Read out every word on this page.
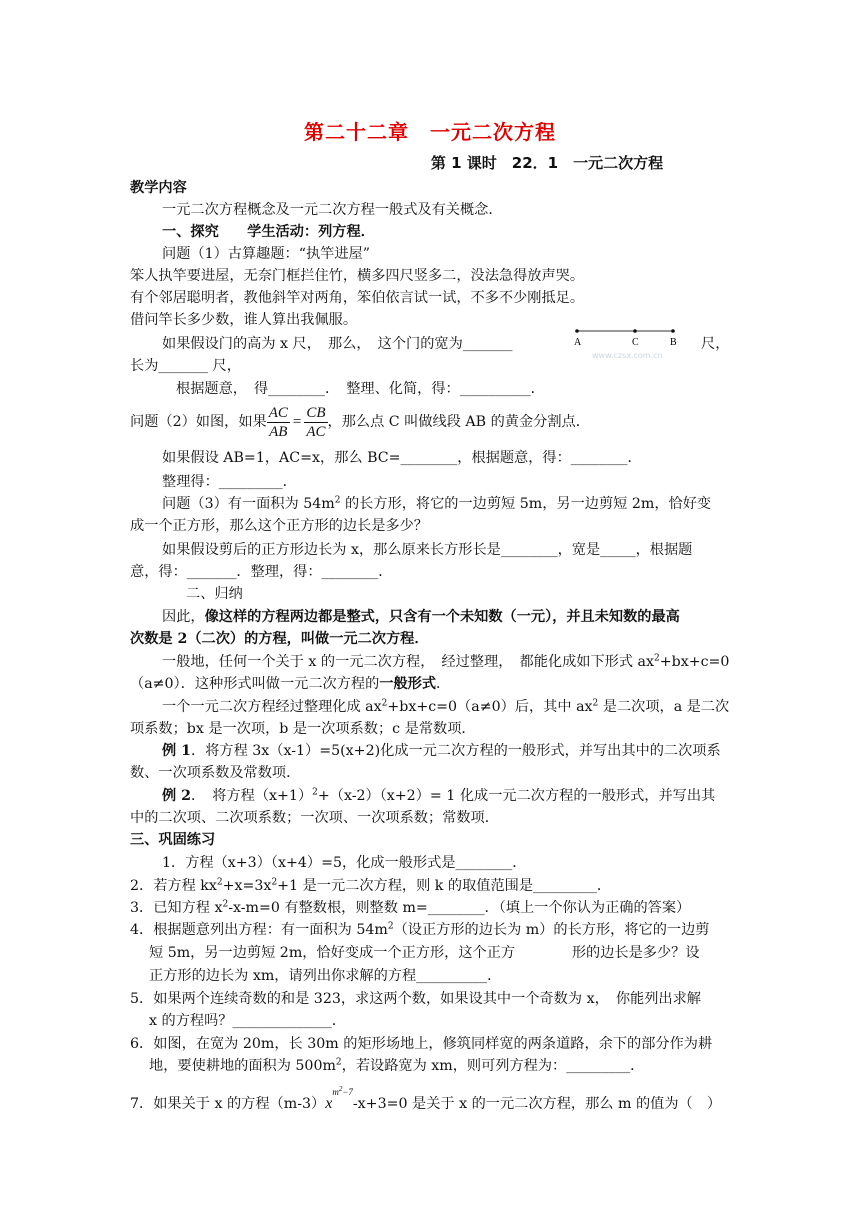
第二十二章　一元二次方程
第 1 课时　22．1　一元二次方程
教学内容
一元二次方程概念及一元二次方程一般式及有关概念．
一、探究　　学生活动：列方程．
问题（1）古算趣题：“执竿进屋”
笨人执竿要进屋，无奈门框拦住竹，横多四尺竖多二，没法急得放声哭。
有个邻居聪明者，教他斜竿对两角，笨伯依言试一试，不多不少刚抵足。
借问竿长多少数，谁人算出我佩服。
如果假设门的高为 x 尺，　那么，　这个门的宽为_______	尺，
A	C	B
www.czsx.com.cn
长为_______ 尺，
根据题意，　得________．　整理、化简，得：__________．
问题（2）如图，如果 $\frac{AC}{AB} = \frac{CB}{AC}$ ，那么点 C 叫做线段 AB 的黄金分割点．
如果假设 AB=1，AC=x，那么 BC=________，根据题意，得：________．
整理得：_________．
问题（3）有一面积为 $54m^2$ 的长方形，将它的一边剪短 5m，另一边剪短 2m，恰好变
成一个正方形，那么这个正方形的边长是多少？
如果假设剪后的正方形边长为 x，那么原来长方形长是________，宽是_____，根据题
意，得：_______．整理，得：________．
二、归纳
因此，像这样的方程两边都是整式，只含有一个未知数（一元），并且未知数的最高
次数是 2（二次）的方程，叫做一元二次方程．
一般地，任何一个关于 x 的一元二次方程，　经过整理，　都能化成如下形式 $ax^2+bx+c=0$
（a≠0）．这种形式叫做一元二次方程的一般形式．
一个一元二次方程经过整理化成 $ax^2+bx+c=0(a\ne 0)$后，其中 $ax^2$ 是二次项，a 是二次
项系数；bx 是一次项，b 是一次项系数；c 是常数项．
例 1．将方程 3x（x-1）=5(x+2)化成一元二次方程的一般形式，并写出其中的二次项系
数、一次项系数及常数项．
例 2．　将方程$(x+1)^2+(x-2)(x+2)= 1$ 化成一元二次方程的一般形式，并写出其
中的二次项、二次项系数；一次项、一次项系数；常数项．
三、巩固练习
1．方程（x+3）（x+4）=5，化成一般形式是________．
2．若方程 $kx^2+x=3x^2+1$ 是一元二次方程，则 k 的取值范围是_________．
3．已知方程 $x^2-x-m=0$ 有整数根，则整数 m=________．（填上一个你认为正确的答案）
4．根据题意列出方程：有一面积为 $54m^2$（设正方形的边长为 m）的长方形，将它的一边剪
短 5m，另一边剪短 2m，恰好变成一个正方形，这个正方　　　　形的边长是多少？设
正方形的边长为 xm，请列出你求解的方程__________．
5．如果两个连续奇数的和是 323，求这两个数，如果设其中一个奇数为 x，　你能列出求解
x 的方程吗？______________．
6．如图，在宽为 20m，长 30m 的矩形场地上，修筑同样宽的两条道路，余下的部分作为耕
地，要使耕地的面积为 $500m^2$，若设路宽为 xm，则可列方程为：_________．
7．如果关于 x 的方程$(m-3)x^{m^2-7}-x+3=0$ 是关于 x 的一元二次方程，那么 m 的值为（　）
